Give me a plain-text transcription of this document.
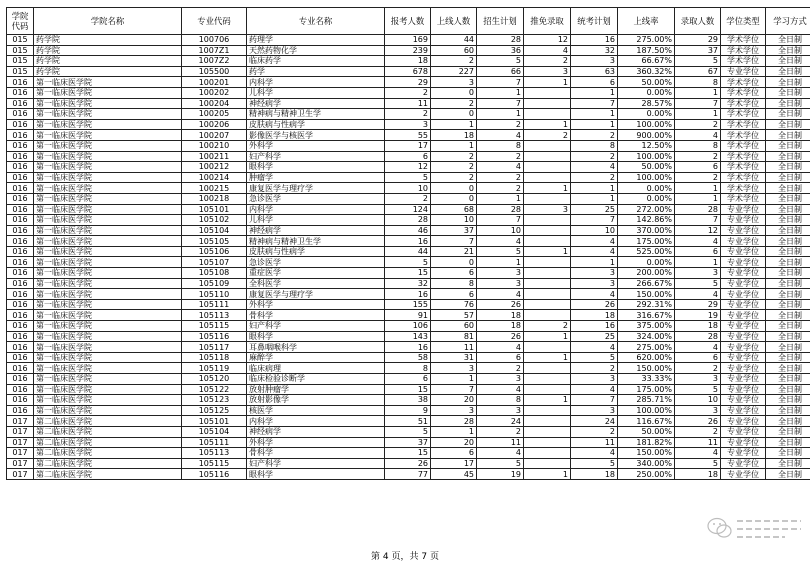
学院代码	学院名称	专业代码	专业名称	报考人数	上线人数	招生计划	推免录取	统考计划	上线率	录取人数	学位类型	学习方式
015	药学院	100706	药理学	169	44	28	12	16	275.00%	29	学术学位	全日制
015	药学院	1007Z1	天然药物化学	239	60	36	4	32	187.50%	37	学术学位	全日制
015	药学院	1007Z2	临床药学	18	2	5	2	3	66.67%	5	学术学位	全日制
015	药学院	105500	药学	678	227	66	3	63	360.32%	67	专业学位	全日制
016	第一临床医学院	100201	内科学	29	3	7	1	6	50.00%	8	学术学位	全日制
016	第一临床医学院	100202	儿科学	2	0	1		1	0.00%	1	学术学位	全日制
016	第一临床医学院	100204	神经病学	11	2	7		7	28.57%	7	学术学位	全日制
016	第一临床医学院	100205	精神病与精神卫生学	2	0	1		1	0.00%	1	学术学位	全日制
016	第一临床医学院	100206	皮肤病与性病学	3	1	2	1	1	100.00%	2	学术学位	全日制
016	第一临床医学院	100207	影像医学与核医学	55	18	4	2	2	900.00%	4	学术学位	全日制
016	第一临床医学院	100210	外科学	17	1	8		8	12.50%	8	学术学位	全日制
016	第一临床医学院	100211	妇产科学	6	2	2		2	100.00%	2	学术学位	全日制
016	第一临床医学院	100212	眼科学	12	2	4		4	50.00%	6	学术学位	全日制
016	第一临床医学院	100214	肿瘤学	5	2	2		2	100.00%	2	学术学位	全日制
016	第一临床医学院	100215	康复医学与理疗学	10	0	2	1	1	0.00%	1	学术学位	全日制
016	第一临床医学院	100218	急诊医学	2	0	1		1	0.00%	1	学术学位	全日制
016	第一临床医学院	105101	内科学	124	68	28	3	25	272.00%	28	专业学位	全日制
016	第一临床医学院	105102	儿科学	28	10	7		7	142.86%	7	专业学位	全日制
016	第一临床医学院	105104	神经病学	46	37	10		10	370.00%	12	专业学位	全日制
016	第一临床医学院	105105	精神病与精神卫生学	16	7	4		4	175.00%	4	专业学位	全日制
016	第一临床医学院	105106	皮肤病与性病学	44	21	5	1	4	525.00%	6	专业学位	全日制
016	第一临床医学院	105107	急诊医学	5	0	1		1	0.00%	1	专业学位	全日制
016	第一临床医学院	105108	重症医学	15	6	3		3	200.00%	3	专业学位	全日制
016	第一临床医学院	105109	全科医学	32	8	3		3	266.67%	5	专业学位	全日制
016	第一临床医学院	105110	康复医学与理疗学	16	6	4		4	150.00%	4	专业学位	全日制
016	第一临床医学院	105111	外科学	155	76	26		26	292.31%	29	专业学位	全日制
016	第一临床医学院	105113	骨科学	91	57	18		18	316.67%	19	专业学位	全日制
016	第一临床医学院	105115	妇产科学	106	60	18	2	16	375.00%	18	专业学位	全日制
016	第一临床医学院	105116	眼科学	143	81	26	1	25	324.00%	28	专业学位	全日制
016	第一临床医学院	105117	耳鼻咽喉科学	16	11	4		4	275.00%	4	专业学位	全日制
016	第一临床医学院	105118	麻醉学	58	31	6	1	5	620.00%	6	专业学位	全日制
016	第一临床医学院	105119	临床病理	8	3	2		2	150.00%	2	专业学位	全日制
016	第一临床医学院	105120	临床检验诊断学	6	1	3		3	33.33%	3	专业学位	全日制
016	第一临床医学院	105122	放射肿瘤学	15	7	4		4	175.00%	5	专业学位	全日制
016	第一临床医学院	105123	放射影像学	38	20	8	1	7	285.71%	10	专业学位	全日制
016	第一临床医学院	105125	核医学	9	3	3		3	100.00%	3	专业学位	全日制
017	第二临床医学院	105101	内科学	51	28	24		24	116.67%	26	专业学位	全日制
017	第二临床医学院	105104	神经病学	5	1	2		2	50.00%	2	专业学位	全日制
017	第二临床医学院	105111	外科学	37	20	11		11	181.82%	11	专业学位	全日制
017	第二临床医学院	105113	骨科学	15	6	4		4	150.00%	4	专业学位	全日制
017	第二临床医学院	105115	妇产科学	26	17	5		5	340.00%	5	专业学位	全日制
017	第二临床医学院	105116	眼科学	77	45	19	1	18	250.00%	18	专业学位	全日制
第 4 页，共 7 页
